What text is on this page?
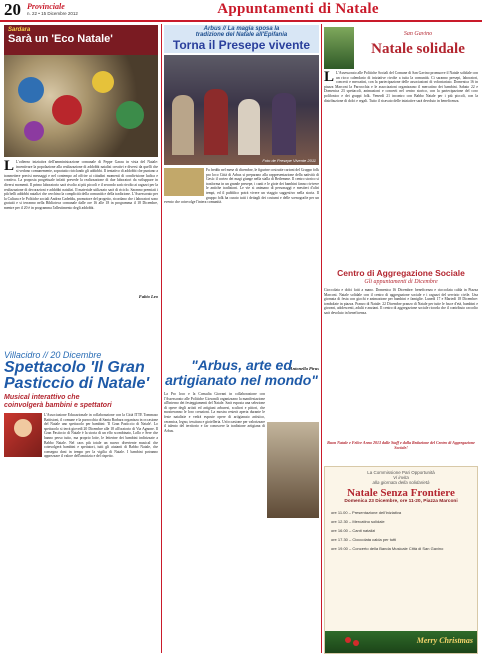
20 Provinciale
n. 22 • 15 Dicembre 2012	Appuntamenti di Natale
Sardara
Sarà un 'Eco Natale'
L L'odierno iniziativa dell'amministrazione comunale di Peppe Garau in vista del Natale: incentivare la popolazione alla realizzazione di addobbi natalizi creativi e diversi da quelli che si vedono comunemente, sopratutto riciclando gli addobbi. Il tentativo di addobbi che puntano a trasmettere precisi messaggi e nel contempo ad offrire ai cittadini momenti di condivisione ludica e creativa. La proposta progettuale infatti prevede la realizzazione di due laboratori da sviluppare in diversi momenti. Il primo laboratorio sarà rivolto ai più piccoli e il secondo sarà rivolto ai ragazzi per la realizzazione di decorazioni e addobbi natalizi. Il materiale utilizzato sarà di riciclo. Saranno premiati i più belli addobbi natalizi che cerchino la complicità della comunità e della tradizione. L'Assessorato per la Cultura e le Politiche sociali Andrea Cadeddu, promotore del progetto, ricordano che i laboratori sono gratuiti e si terranno nella Biblioteca comunale dalle ore 16 alle 18 in programma il 18 Dicembre, mentre per il 20 è in programma l'allestimento degli addobbi.
Fabio Leo
Villacidro // 20 Dicembre
Spettacolo 'Il Gran
Pasticcio di Natale'
Musical interattivo che
coinvolgerà bambini e spettatori
L'Associazione Educazionale in collaborazione con la Città ITTE Tommaso Battistoni, il comune e la parrocchia di Santa Barbara organizza in occasione del Natale uno spettacolo per bambini: 'Il Gran Pasticcio di Natale'. Lo spettacolo si terrà giovedì 20 Dicembre alle 18 all'oratorio di Via Agnone. Il Gran Pasticcio di Natale è la storia di un elfo scombinato, Lollo e Sere che hanno perso tutto, ma proprio lotte, le letterine dei bambini indirizzate a Babbo Natale. Nel caos più totale un nuovo divertente musical che coinvolgerà bambini e spettatori, tutti gli aiutanti di Babbo Natale, che consegna doni in tempo per la vigilia di Natale. I bambini potranno apprezzare il valore dell'amicizia e del rispetto.
Arbus // La magia sposa la
tradizione del Natale all'Epifania
Torna il Presepe vivente
Foto de Presepe Vivente 2011
Fa freddo nel mese di dicembre, le figurine costruite cartoni del Gruppo folk pro loco Città di Arbus si preparano alla rappresentazione della natività di Gesù: il corteo dei magi giunge nella stalla di Betlemme. Il centro storico si trasforma in un grande presepe, i canti e le gioie dei bambini fanno rivivere le antiche tradizioni. Le vie si animano di personaggi e mestieri d'altri tempi, ed il pubblico potrà vivere un viaggio suggestivo nella storia. Il gruppo folk ha curato tutti i dettagli dei costumi e delle scenografie per un evento che coinvolge l'intera comunità.
Antonella Pirus
"Arbus, arte ed
artigianato nel mondo"
La Pro loco e la Consulta Giovani in collaborazione con l'Assessorato alle Politiche Giovanili organizzano la manifestazione all'interno dei festeggiamenti del Natale. Sarà esposta una selezione di opere degli artisti ed artigiani arburesi, scultori e pittori, che mostreranno le loro creazioni. La mostra resterà aperta durante le feste natalizie e vedrà esposte opere di artigianato artistico, ceramica, legno, tessitura e gioielleria. Un'occasione per valorizzare il talento del territorio e far conoscere la tradizione artigiana di Arbus.
San Gavino
Natale solidale
L L'Assessorato alle Politiche Sociali del Comune di San Gavino promuove il Natale solidale con un ricco calendario di iniziative rivolte a tutta la comunità. Ci saranno presepi, laboratori, concerti e mercatini, con la partecipazione delle associazioni di volontariato. Domenica 16 in piazza Marconi la Parrocchia e le associazioni organizzano il mercatino dei bambini. Sabato 22 e Domenica 23 spettacoli, animazioni e concerti nel centro storico, con la partecipazione del coro polifonico e dei gruppi folk. Venerdì 21 incontro con Babbo Natale per i più piccoli, con la distribuzione di dolci e regali. Tutto il ricavato delle iniziative sarà devoluto in beneficenza.
Centro di Aggregazione Sociale
Gli appuntamenti di Dicembre
Cioccolata e dolci fatti a mano. Domenica 16 Dicembre: beneficenza e cioccolata calda in Piazza Marconi. Natale solidale con il centro di aggregazione sociale e i ragazzi del servizio civile. Una giornata di festa con giochi e animazione per bambini e famiglie. Lunedì 17 e Martedì 18 Dicembre: tombolate in piazza. Pranzo di Natale: 22 Dicembre pranzo di Natale per tutte le fasce d'età, bambini e giovani, adolescenti, adulti e anziani. Il centro di aggregazione sociale ricorda che il contributo raccolto sarà devoluto in beneficenza.
Buon Natale e Felice Anno 2013 dalle Staff e dalla Redazione del Centro di Aggregazione Sociale!
La Commissione Pari Opportunità
Vi invita
alla giornata della solidarietà
Natale Senza Frontiere
Domenica 23 Dicembre, ore 11-20, Piazza Marconi
ore 11.00 – Presentazione dell'iniziativa
ore 12.30 – Mercatino solidale
ore 16.00 – Canti natalizi
ore 17.30 – Cioccolata calda per tutti
ore 19.00 – Concerto della Banda Musicale Città di San Gavino
Merry Christmas
